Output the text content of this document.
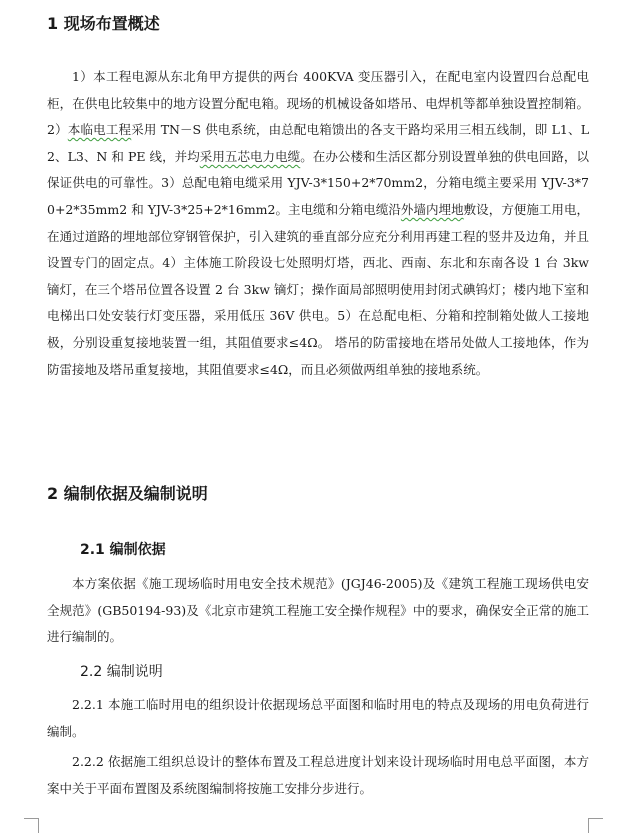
1 现场布置概述

1）本工程电源从东北角甲方提供的两台 400KVA 变压器引入，在配电室内设置四台总配电柜，在供电比较集中的地方设置分配电箱。现场的机械设备如塔吊、电焊机等都单独设置控制箱。2）本临电工程采用 TN－S 供电系统，由总配电箱馈出的各支干路均采用三相五线制，即 L1、L2、L3、N 和 PE 线，并均采用五芯电力电缆。在办公楼和生活区都分别设置单独的供电回路，以保证供电的可靠性。3）总配电箱电缆采用 YJV-3*150+2*70mm2，分箱电缆主要采用 YJV-3*70+2*35mm2 和 YJV-3*25+2*16mm2。主电缆和分箱电缆沿外墙内埋地敷设，方便施工用电，在通过道路的埋地部位穿钢管保护，引入建筑的垂直部分应充分利用再建工程的竖井及边角，并且设置专门的固定点。4）主体施工阶段设七处照明灯塔，西北、西南、东北和东南各设 1 台 3kw 镝灯，在三个塔吊位置各设置 2 台 3kw 镝灯；操作面局部照明使用封闭式碘钨灯；楼内地下室和电梯出口处安装行灯变压器，采用低压 36V 供电。5）在总配电柜、分箱和控制箱处做人工接地极，分别设重复接地装置一组，其阻值要求≤4Ω。 塔吊的防雷接地在塔吊处做人工接地体，作为防雷接地及塔吊重复接地，其阻值要求≤4Ω，而且必须做两组单独的接地系统。

2 编制依据及编制说明
2.1 编制依据

本方案依据《施工现场临时用电安全技术规范》(JGJ46-2005)及《建筑工程施工现场供电安全规范》(GB50194-93)及《北京市建筑工程施工安全操作规程》中的要求，确保安全正常的施工进行编制的。

2.2 编制说明

2.2.1 本施工临时用电的组织设计依据现场总平面图和临时用电的特点及现场的用电负荷进行编制。

2.2.2 依据施工组织总设计的整体布置及工程总进度计划来设计现场临时用电总平面图，本方案中关于平面布置图及系统图编制将按施工安排分步进行。
